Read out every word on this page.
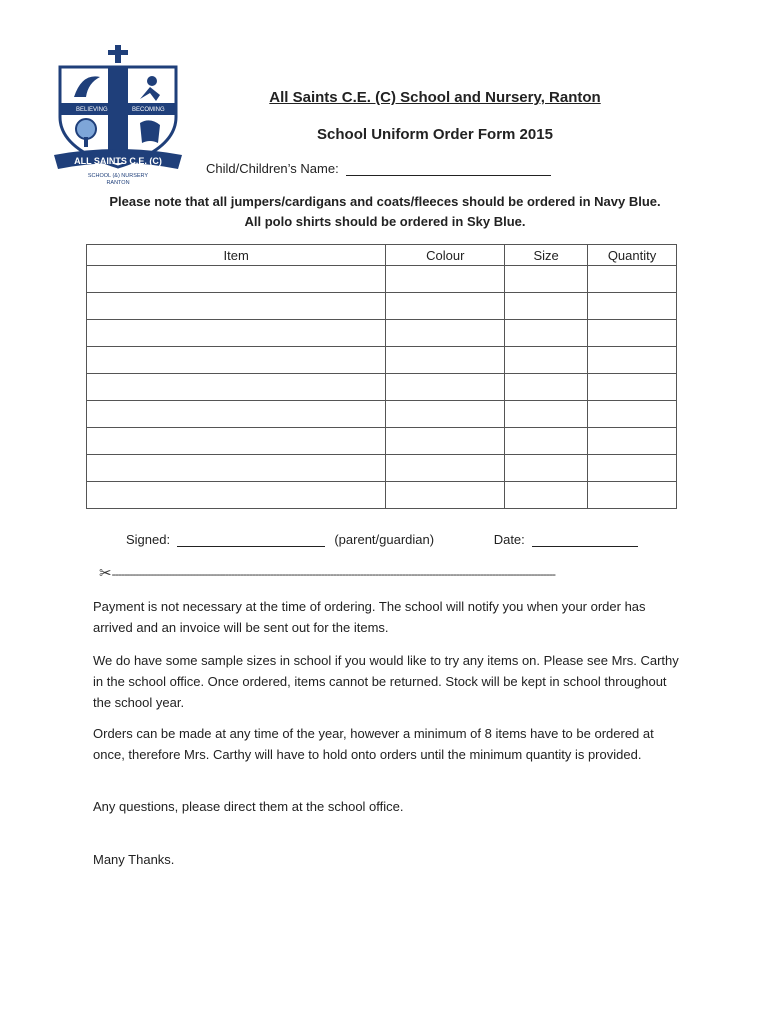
BELIEVING	BECOMING
ALL SAINTS C.E. (C)
SCHOOL (&) NURSERY
RANTON
All Saints C.E. (C) School and Nursery, Ranton
School Uniform Order Form 2015
Child/Children’s Name:
Please note that all jumpers/cardigans and coats/fleeces should be ordered in Navy Blue.
All polo shirts should be ordered in Sky Blue.
Item	Colour	Size	Quantity

Signed:	(parent/guardian)	Date:
✂----------------------------------------------------------------------------------------------------------------------------------------------------
Payment is not necessary at the time of ordering. The school will notify you when your order has arrived and an invoice will be sent out for the items.
We do have some sample sizes in school if you would like to try any items on. Please see Mrs. Carthy in the school office. Once ordered, items cannot be returned. Stock will be kept in school throughout the school year.
Orders can be made at any time of the year, however a minimum of 8 items have to be ordered at once, therefore Mrs. Carthy will have to hold onto orders until the minimum quantity is provided.
Any questions, please direct them at the school office.
Many Thanks.
